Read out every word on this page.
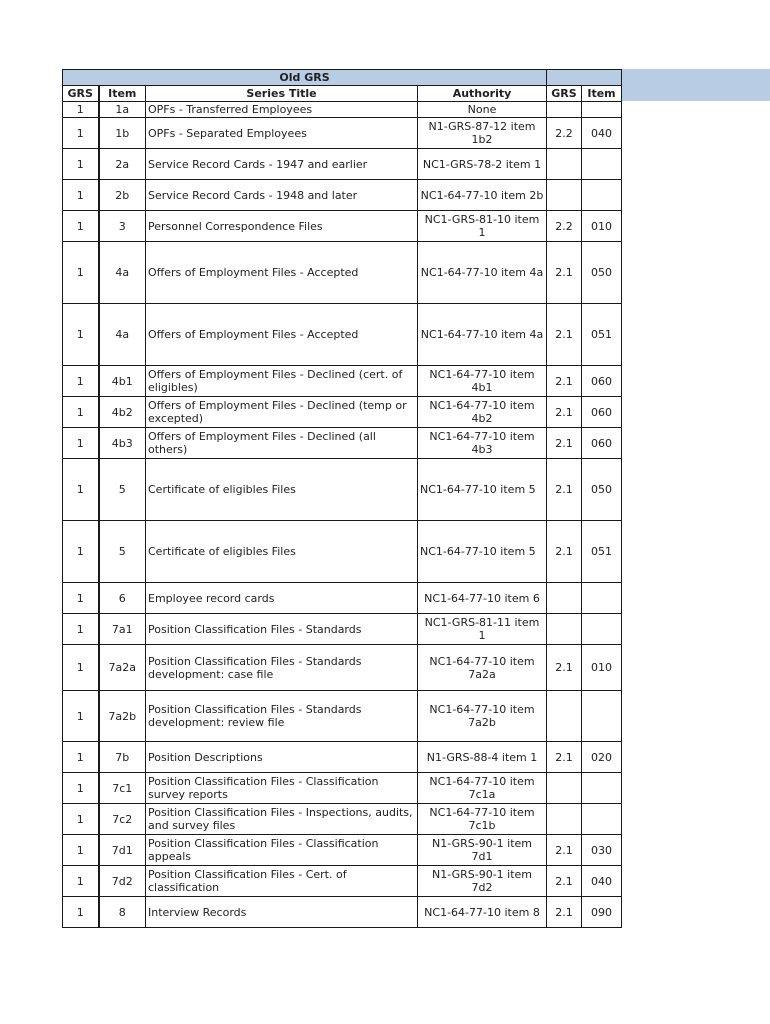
Old GRS					
GRS	Item	Series Title	Authority	GRS	Item
1	1a	OPFs - Transferred Employees	None		
1	1b	OPFs - Separated Employees	N1-GRS-87-12 item 1b2	2.2	040
1	2a	Service Record Cards - 1947 and earlier	NC1-GRS-78-2 item 1		
1	2b	Service Record Cards - 1948 and later	NC1-64-77-10 item 2b		
1	3	Personnel Correspondence Files	NC1-GRS-81-10 item 1	2.2	010
1	4a	Offers of Employment Files - Accepted	NC1-64-77-10 item 4a	2.1	050
1	4a	Offers of Employment Files - Accepted	NC1-64-77-10 item 4a	2.1	051
1	4b1	Offers of Employment Files - Declined (cert. of eligibles)	NC1-64-77-10 item 4b1	2.1	060
1	4b2	Offers of Employment Files - Declined (temp or excepted)	NC1-64-77-10 item 4b2	2.1	060
1	4b3	Offers of Employment Files - Declined (all others)	NC1-64-77-10 item 4b3	2.1	060
1	5	Certificate of eligibles Files	NC1-64-77-10 item 5	2.1	050
1	5	Certificate of eligibles Files	NC1-64-77-10 item 5	2.1	051
1	6	Employee record cards	NC1-64-77-10 item 6		
1	7a1	Position Classification Files - Standards	NC1-GRS-81-11 item 1		
1	7a2a	Position Classification Files - Standards development: case file	NC1-64-77-10 item 7a2a	2.1	010
1	7a2b	Position Classification Files - Standards development: review file	NC1-64-77-10 item 7a2b		
1	7b	Position Descriptions	N1-GRS-88-4 item 1	2.1	020
1	7c1	Position Classification Files - Classification survey reports	NC1-64-77-10 item 7c1a		
1	7c2	Position Classification Files - Inspections, audits, and survey files	NC1-64-77-10 item 7c1b		
1	7d1	Position Classification Files - Classification appeals	N1-GRS-90-1 item 7d1	2.1	030
1	7d2	Position Classification Files - Cert. of classification	N1-GRS-90-1 item 7d2	2.1	040
1	8	Interview Records	NC1-64-77-10 item 8	2.1	090
